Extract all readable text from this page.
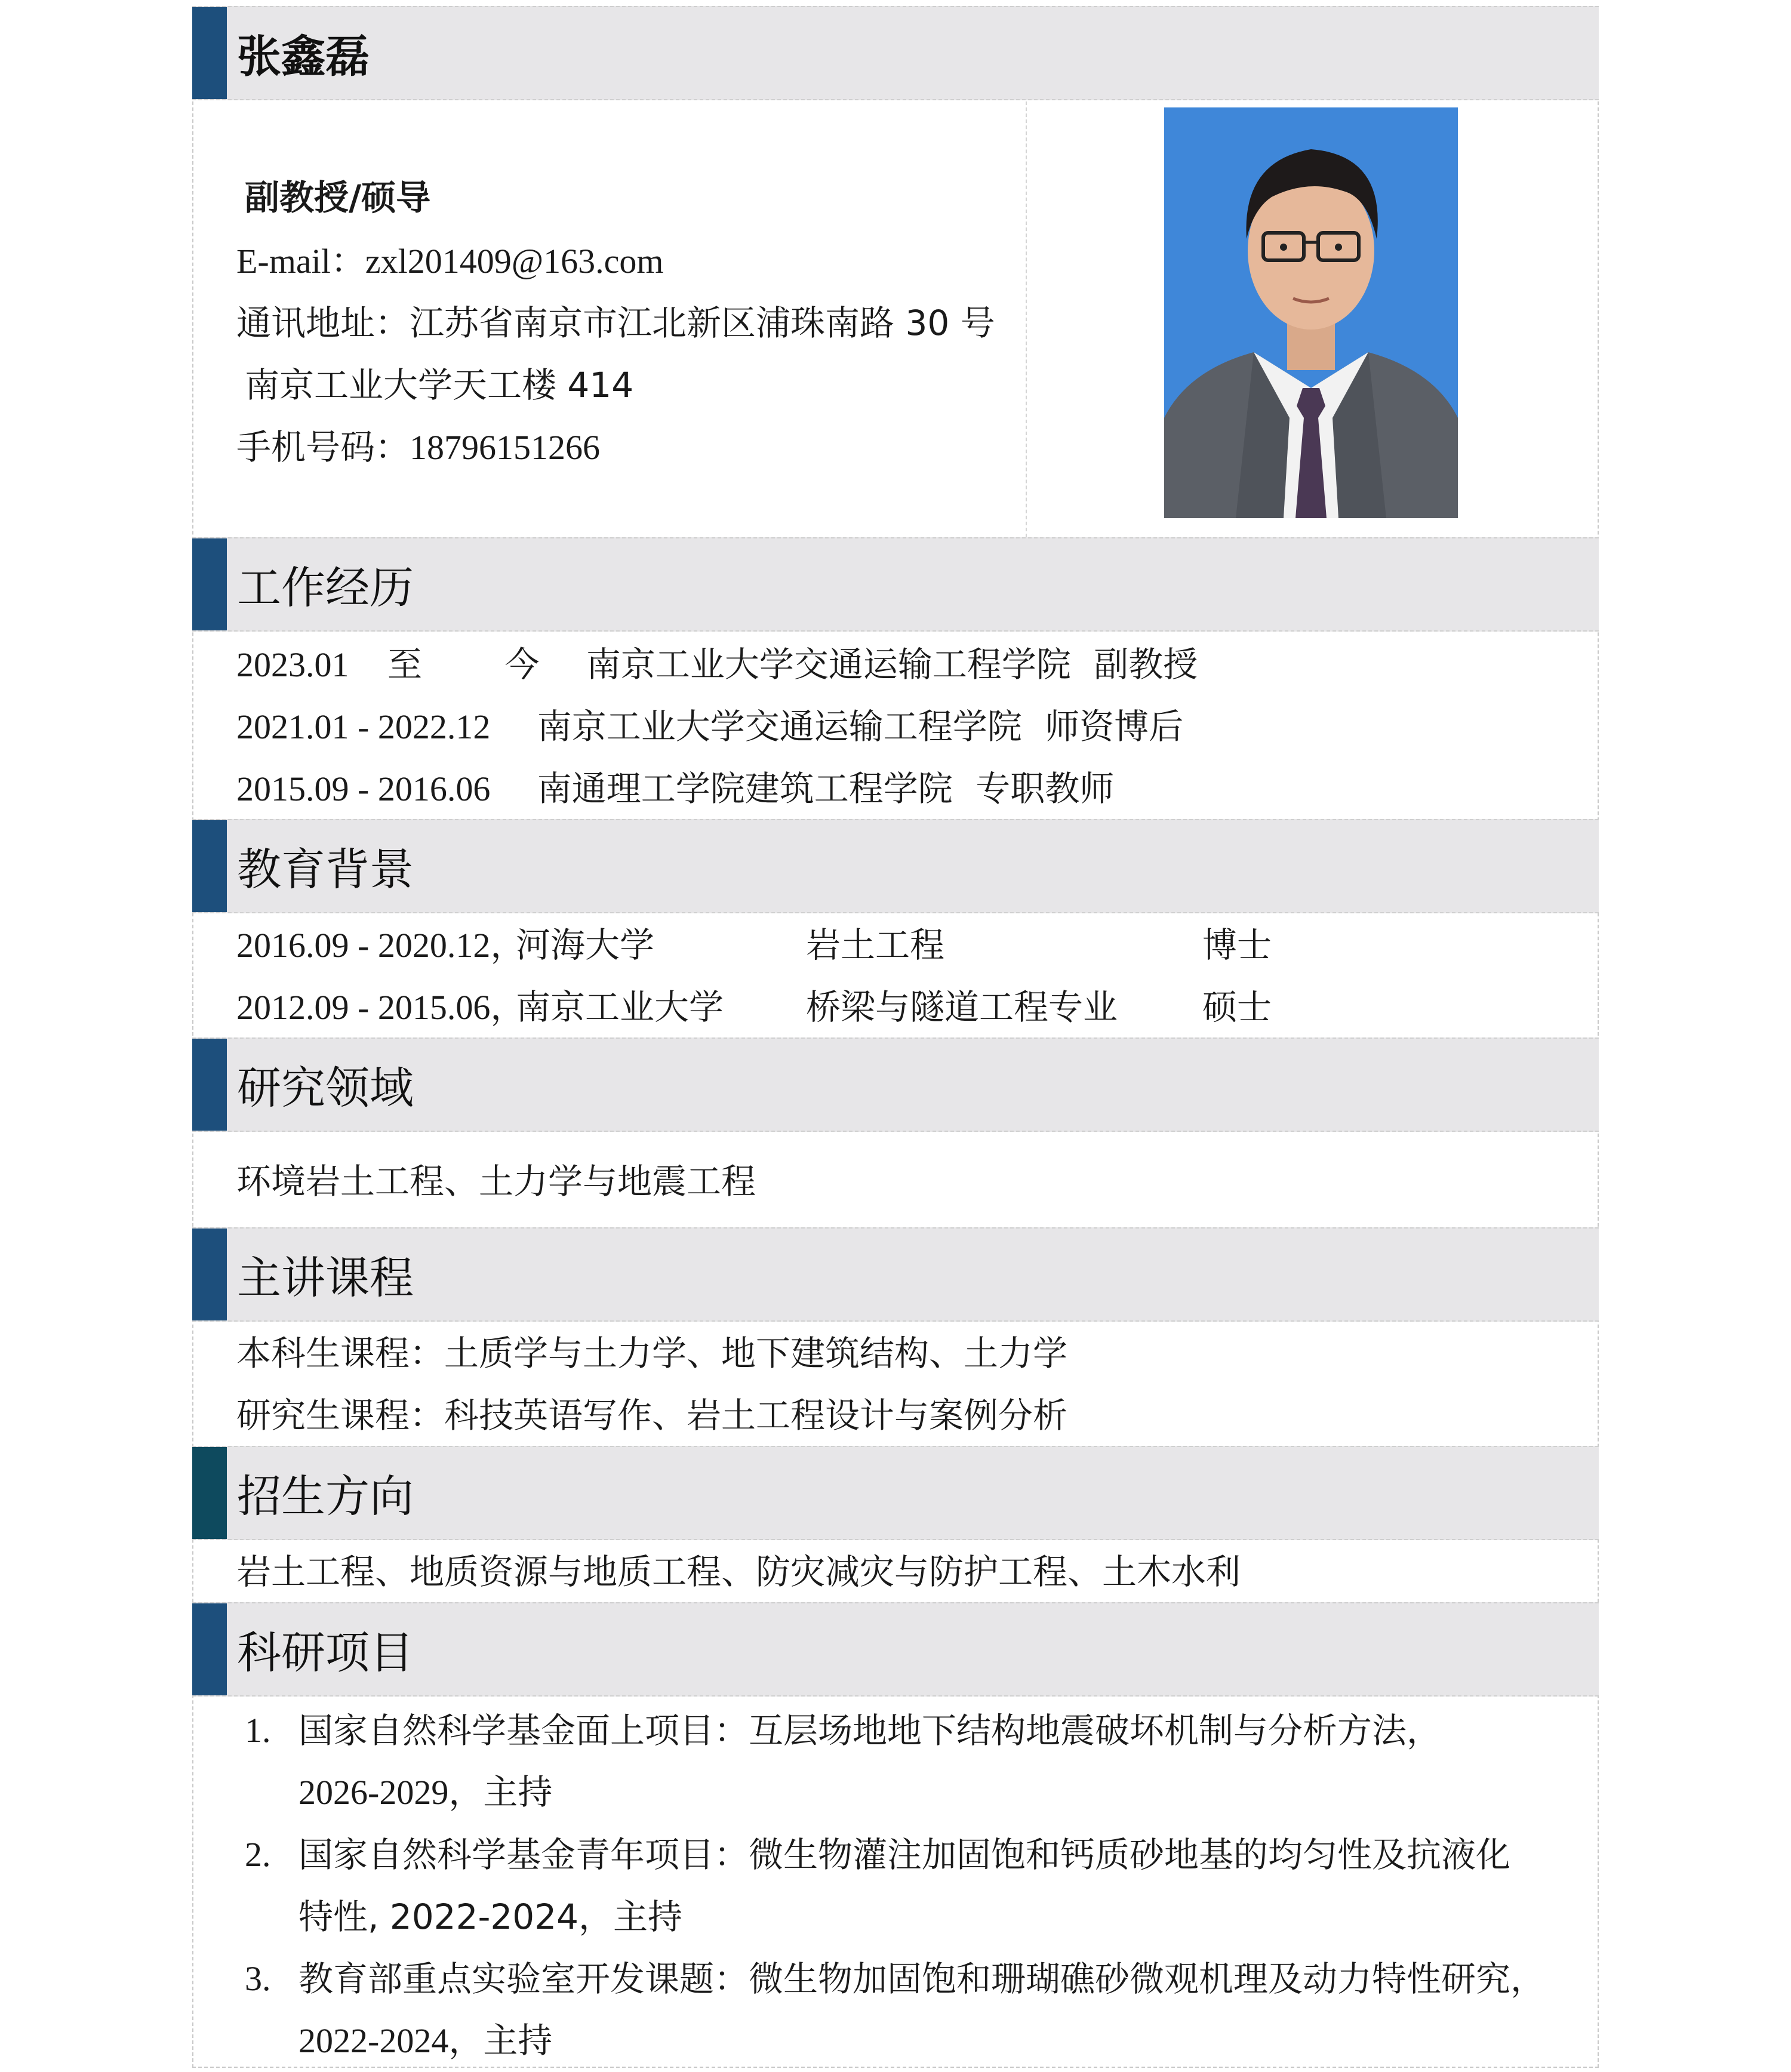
张鑫磊
副教授/硕导
E-mail：zxl201409@163.com
通讯地址：江苏省南京市江北新区浦珠南路 30 号
南京工业大学天工楼 414
手机号码：18796151266
工作经历
2023.01 至 今 南京工业大学交通运输工程学院 副教授
2021.01 - 2022.12 南京工业大学交通运输工程学院 师资博后
2015.09 - 2016.06 南通理工学院建筑工程学院 专职教师
教育背景
2016.09 - 2020.12，河海大学	岩土工程	博士
2012.09 - 2015.06，南京工业大学 桥梁与隧道工程专业 硕士
研究领域
环境岩土工程、土力学与地震工程
主讲课程
本科生课程：土质学与土力学、地下建筑结构、土力学
研究生课程：科技英语写作、岩土工程设计与案例分析
招生方向
岩土工程、地质资源与地质工程、防灾减灾与防护工程、土木水利
科研项目
1. 国家自然科学基金面上项目：互层场地地下结构地震破坏机制与分析方法，
2026-2029，主持
2. 国家自然科学基金青年项目：微生物灌注加固饱和钙质砂地基的均匀性及抗液化
特性, 2022-2024，主持
3. 教育部重点实验室开发课题：微生物加固饱和珊瑚礁砂微观机理及动力特性研究，
2022-2024，主持
